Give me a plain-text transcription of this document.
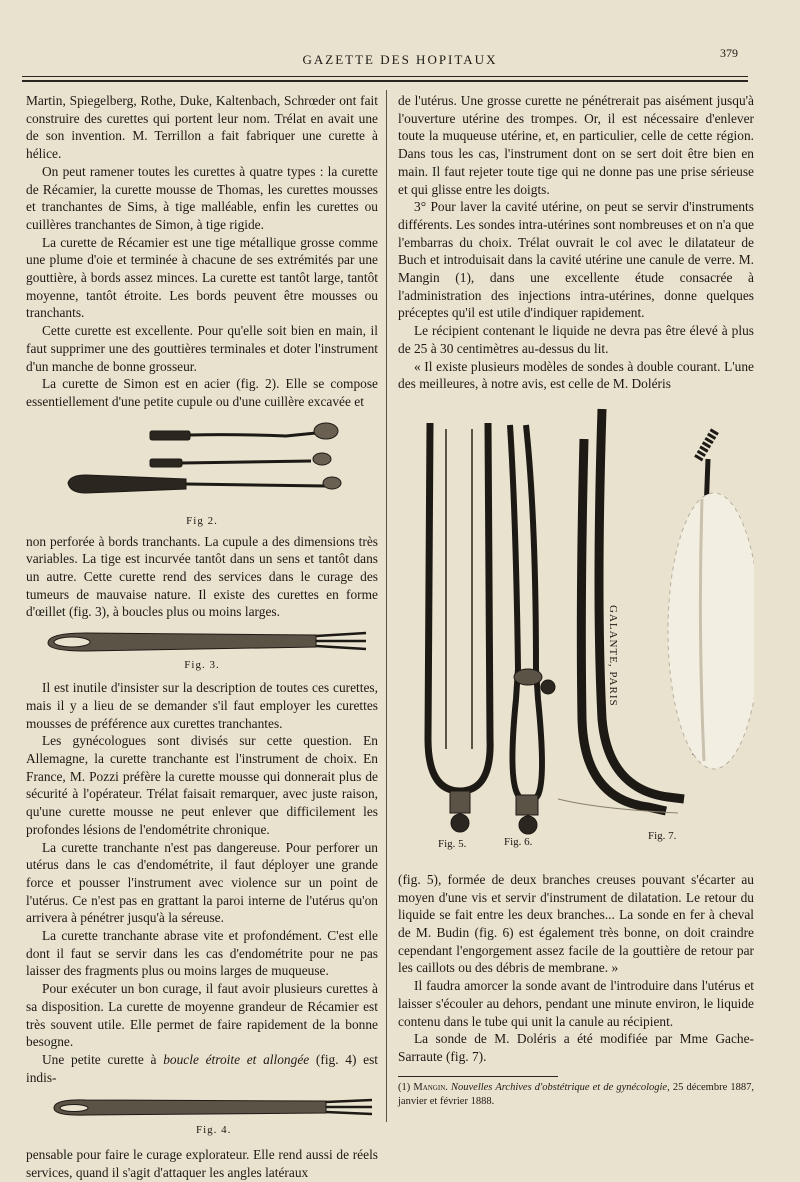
GAZETTE DES HOPITAUX	379

Martin, Spiegelberg, Rothe, Duke, Kaltenbach, Schrœder ont fait construire des curettes qui portent leur nom. Trélat en avait une de son invention. M. Terrillon a fait fabriquer une curette à hélice.

On peut ramener toutes les curettes à quatre types : la curette de Récamier, la curette mousse de Thomas, les curettes mousses et tranchantes de Sims, à tige malléable, enfin les curettes ou cuillères tranchantes de Simon, à tige rigide.

La curette de Récamier est une tige métallique grosse comme une plume d'oie et terminée à chacune de ses extrémités par une gouttière, à bords assez minces. La curette est tantôt large, tantôt moyenne, tantôt étroite. Les bords peuvent être mousses ou tranchants.

Cette curette est excellente. Pour qu'elle soit bien en main, il faut supprimer une des gouttières terminales et doter l'instrument d'un manche de bonne grosseur.

La curette de Simon est en acier (fig. 2). Elle se compose essentiellement d'une petite cupule ou d'une cuillère excavée et

Fig 2.

non perforée à bords tranchants. La cupule a des dimensions très variables. La tige est incurvée tantôt dans un sens et tantôt dans un autre. Cette curette rend des services dans le curage des tumeurs de mauvaise nature. Il existe des curettes en forme d'œillet (fig. 3), à boucles plus ou moins larges.

Fig. 3.

Il est inutile d'insister sur la description de toutes ces curettes, mais il y a lieu de se demander s'il faut employer les curettes mousses de préférence aux curettes tranchantes.

Les gynécologues sont divisés sur cette question. En Allemagne, la curette tranchante est l'instrument de choix. En France, M. Pozzi préfère la curette mousse qui donnerait plus de sécurité à l'opérateur. Trélat faisait remarquer, avec juste raison, qu'une curette mousse ne peut enlever que difficilement les profondes lésions de l'endométrite chronique.

La curette tranchante n'est pas dangereuse. Pour perforer un utérus dans le cas d'endométrite, il faut déployer une grande force et pousser l'instrument avec violence sur un point de l'utérus. Ce n'est pas en grattant la paroi interne de l'utérus qu'on arrivera à pénétrer jusqu'à la séreuse.

La curette tranchante abrase vite et profondément. C'est elle dont il faut se servir dans les cas d'endométrite pour ne pas laisser des fragments plus ou moins larges de muqueuse.

Pour exécuter un bon curage, il faut avoir plusieurs curettes à sa disposition. La curette de moyenne grandeur de Récamier est très souvent utile. Elle permet de faire rapidement de la bonne besogne.

Une petite curette à boucle étroite et allongée (fig. 4) est indis-

Fig. 4.

pensable pour faire le curage explorateur. Elle rend aussi de réels services, quand il s'agit d'attaquer les angles latéraux

de l'utérus. Une grosse curette ne pénétrerait pas aisément jusqu'à l'ouverture utérine des trompes. Or, il est nécessaire d'enlever toute la muqueuse utérine, et, en particulier, celle de cette région. Dans tous les cas, l'instrument dont on se sert doit être bien en main. Il faut rejeter toute tige qui ne donne pas une prise sérieuse et qui glisse entre les doigts.

3° Pour laver la cavité utérine, on peut se servir d'instruments différents. Les sondes intra-utérines sont nombreuses et on n'a que l'embarras du choix. Trélat ouvrait le col avec le dilatateur de Buch et introduisait dans la cavité utérine une canule de verre. M. Mangin (1), dans une excellente étude consacrée à l'administration des injections intra-utérines, donne quelques préceptes qu'il est utile d'indiquer rapidement.

Le récipient contenant le liquide ne devra pas être élevé à plus de 25 à 30 centimètres au-dessus du lit.

« Il existe plusieurs modèles de sondes à double courant. L'une des meilleures, à notre avis, est celle de M. Doléris

GALANTE, PARIS
Fig. 5.	Fig. 6.	Fig. 7.

(fig. 5), formée de deux branches creuses pouvant s'écarter au moyen d'une vis et servir d'instrument de dilatation. Le retour du liquide se fait entre les deux branches... La sonde en fer à cheval de M. Budin (fig. 6) est également très bonne, on doit craindre cependant l'engorgement assez facile de la gouttière de retour par les caillots ou des débris de membrane. »

Il faudra amorcer la sonde avant de l'introduire dans l'utérus et laisser s'écouler au dehors, pendant une minute environ, le liquide contenu dans le tube qui unit la canule au récipient.

La sonde de M. Doléris a été modifiée par Mme Gache-Sarraute (fig. 7).

(1) Mangin. Nouvelles Archives d'obstétrique et de gynécologie, 25 décembre 1887, janvier et février 1888.
